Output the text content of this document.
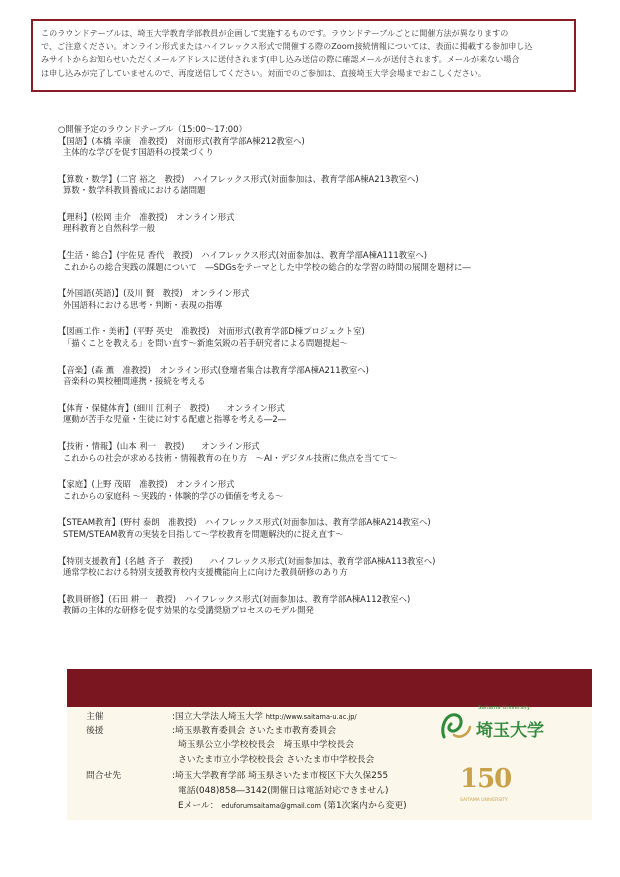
このラウンドテーブルは、埼玉大学教育学部教員が企画して実施するものです。ラウンドテーブルごとに開催方法が異なりますの
で、ご注意ください。オンライン形式またはハイフレックス形式で開催する際のZoom接続情報については、表面に掲載する参加申し込
みサイトからお知らせいただくメールアドレスに送付されます(申し込み送信の際に確認メールが送付されます。メールが来ない場合
は申し込みが完了していませんので、再度送信してください。対面でのご参加は、直接埼玉大学会場までおこしください。
○開催予定のラウンドテーブル（15:00〜17:00）
【国語】(本橋 幸康　准教授)　対面形式(教育学部A棟212教室へ)
主体的な学びを促す国語科の授業づくり
【算数・数学】(二宮 裕之　教授)　ハイフレックス形式(対面参加は、教育学部A棟A213教室へ)
算数・数学科教員養成における諸問題
【理科】(松岡 圭介　准教授)　オンライン形式
理科教育と自然科学一般
【生活・総合】(宇佐見 香代　教授)　ハイフレックス形式(対面参加は、教育学部A棟A111教室へ)
これからの総合実践の課題について　―SDGsをテーマとした中学校の総合的な学習の時間の展開を題材に―
【外国語(英語)】(及川 賢　教授)　オンライン形式
外国語科における思考・判断・表現の指導
【図画工作・美術】(平野 英史　准教授)　対面形式(教育学部D棟プロジェクト室)
「描くことを教える」を問い直す〜新進気鋭の若手研究者による問題提起〜
【音楽】(森 薫　准教授)　オンライン形式(登壇者集合は教育学部A棟A211教室へ)
音楽科の異校種間連携・接続を考える
【体育・保健体育】(細川 江利子　教授)　　オンライン形式
運動が苦手な児童・生徒に対する配慮と指導を考える―2―
【技術・情報】(山本 利一　教授)　　オンライン形式
これからの社会が求める技術・情報教育の在り方　〜AI・デジタル技術に焦点を当てて〜
【家庭】(上野 茂昭　准教授)　オンライン形式
これからの家庭科 〜実践的・体験的学びの価値を考える〜
【STEAM教育】(野村 泰朗　准教授)　ハイフレックス形式(対面参加は、教育学部A棟A214教室へ)
STEM/STEAM教育の実装を目指して〜学校教育を問題解決的に捉え直す〜
【特別支援教育】(名越 斉子　教授)　　ハイフレックス形式(対面参加は、教育学部A棟A113教室へ)
通常学校における特別支援教育校内支援機能向上に向けた教員研修のあり方
【教員研修】(石田 耕一　教授)　ハイフレックス形式(対面参加は、教育学部A棟A112教室へ)
教師の主体的な研修を促す効果的な受講奨励プロセスのモデル開発
主催	:国立大学法人埼玉大学 http://www.saitama-u.ac.jp/
後援	:埼玉県教育委員会 さいたま市教育委員会
埼玉県公立小学校校長会　埼玉県中学校長会
さいたま市立小学校校長会 さいたま市中学校長会
問合せ先	:埼玉大学教育学部 埼玉県さいたま市桜区下大久保255
電話(048)858―3142(開催日は電話対応できません)
Eメール： eduforumsaitama@gmail.com (第1次案内から変更)
Saitama University
埼玉大学
150
SAITAMA UNIVERSITY
